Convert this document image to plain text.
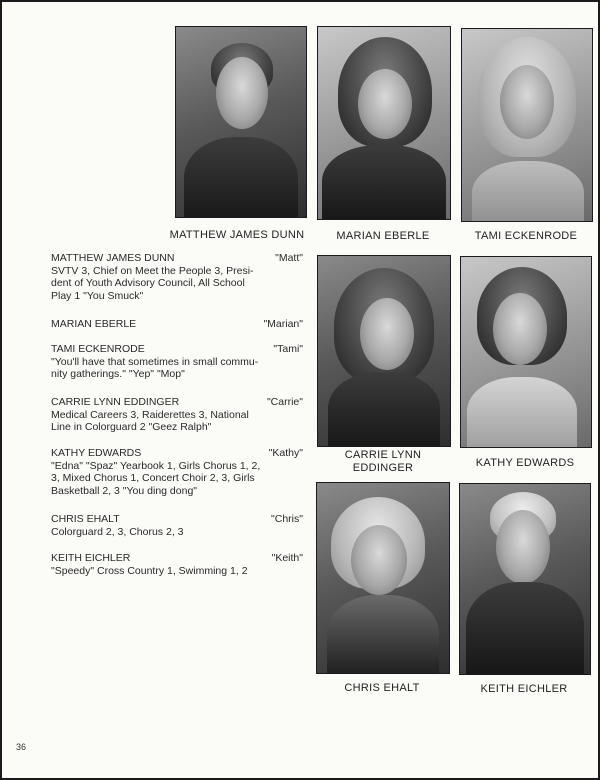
MATTHEW JAMES DUNN	MARIAN EBERLE	TAMI ECKENRODE
CARRIE LYNN
EDDINGER	KATHY EDWARDS
CHRIS EHALT	KEITH EICHLER
MATTHEW JAMES DUNN	"Matt"
SVTV 3, Chief on Meet the People 3, Presi-
dent of Youth Advisory Council, All School
Play 1 "You Smuck"
MARIAN EBERLE	"Marian"
TAMI ECKENRODE	"Tami"
"You'll have that sometimes in small commu-
nity gatherings." "Yep" "Mop"
CARRIE LYNN EDDINGER	"Carrie"
Medical Careers 3, Raiderettes 3, National
Line in Colorguard 2 "Geez Ralph"
KATHY EDWARDS	"Kathy"
"Edna" "Spaz" Yearbook 1, Girls Chorus 1, 2,
3, Mixed Chorus 1, Concert Choir 2, 3, Girls
Basketball 2, 3 "You ding dong"
CHRIS EHALT	"Chris"
Colorguard 2, 3, Chorus 2, 3
KEITH EICHLER	"Keith"
"Speedy" Cross Country 1, Swimming 1, 2
36
